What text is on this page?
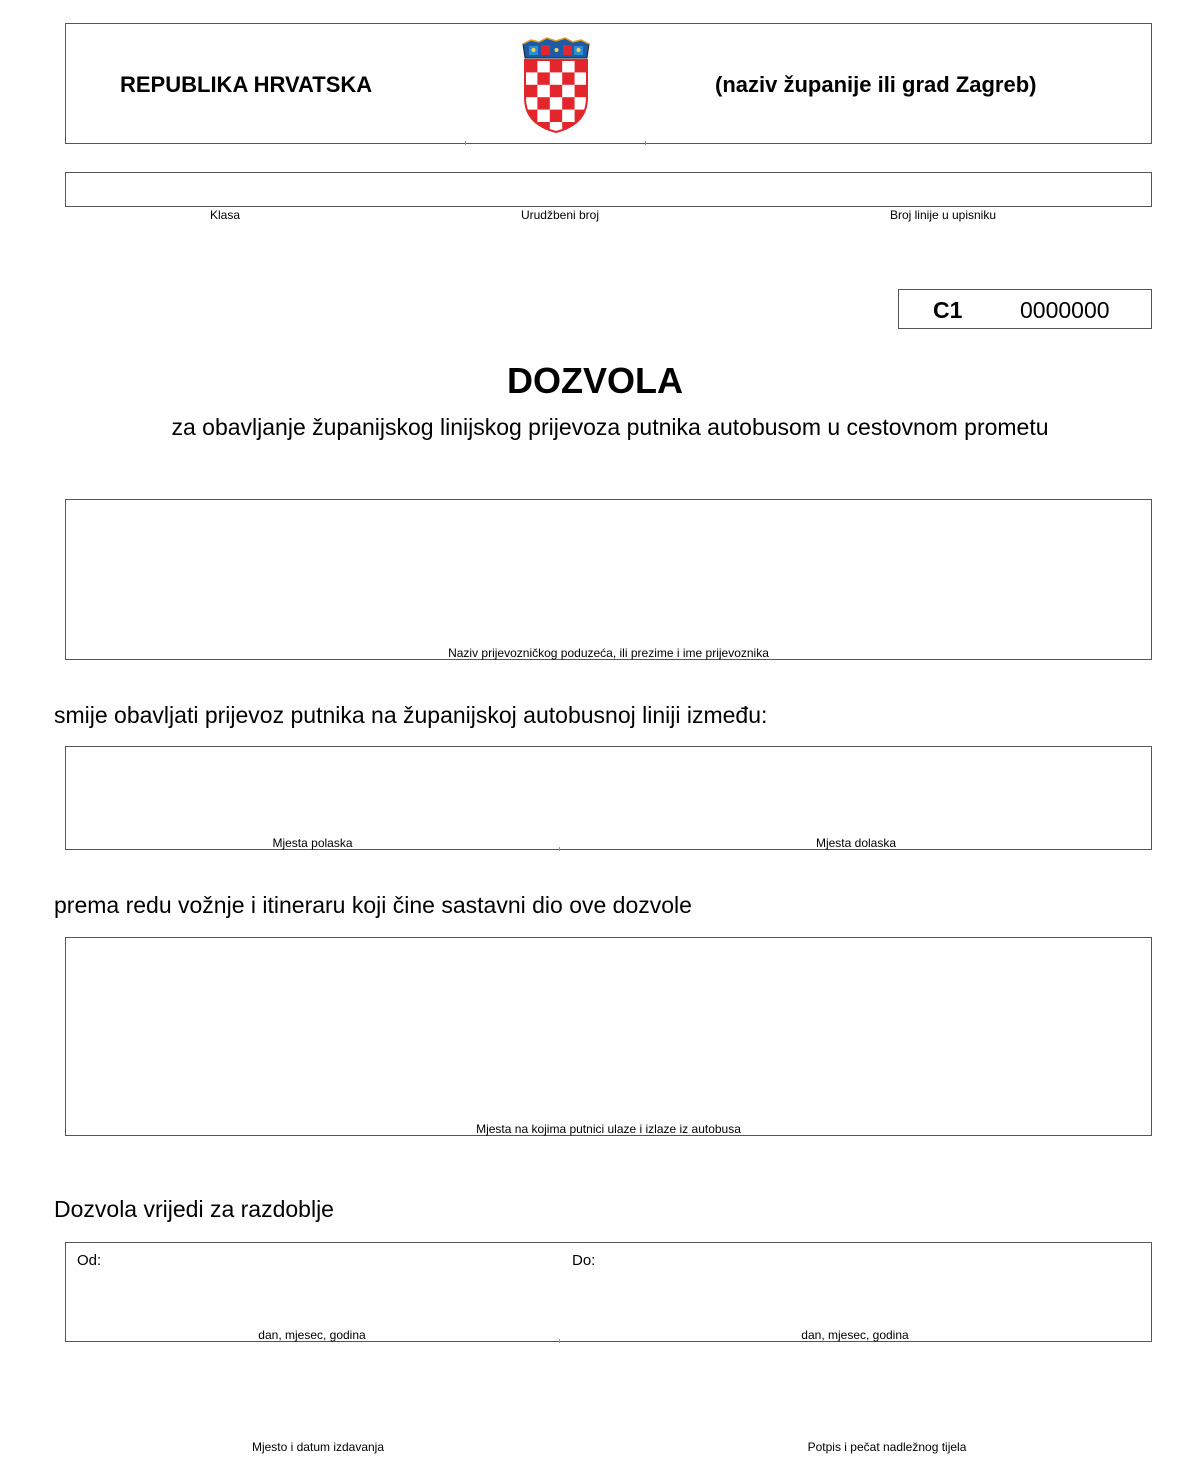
REPUBLIKA HRVATSKA	(naziv županije ili grad Zagreb)
Klasa	Urudžbeni broj	Broj linije u upisniku
C1	0000000
DOZVOLA
za obavljanje županijskog linijskog prijevoza putnika autobusom u cestovnom prometu
Naziv prijevozničkog poduzeća, ili prezime i ime prijevoznika
smije obavljati prijevoz putnika na županijskoj autobusnoj liniji između:
Mjesta polaska	Mjesta dolaska
prema redu vožnje i itineraru koji čine sastavni dio ove dozvole
Mjesta na kojima putnici ulaze i izlaze iz autobusa
Dozvola vrijedi za razdoblje
Od:	Do:
dan, mjesec, godina	dan, mjesec, godina
Mjesto i datum izdavanja	Potpis i pečat nadležnog tijela
